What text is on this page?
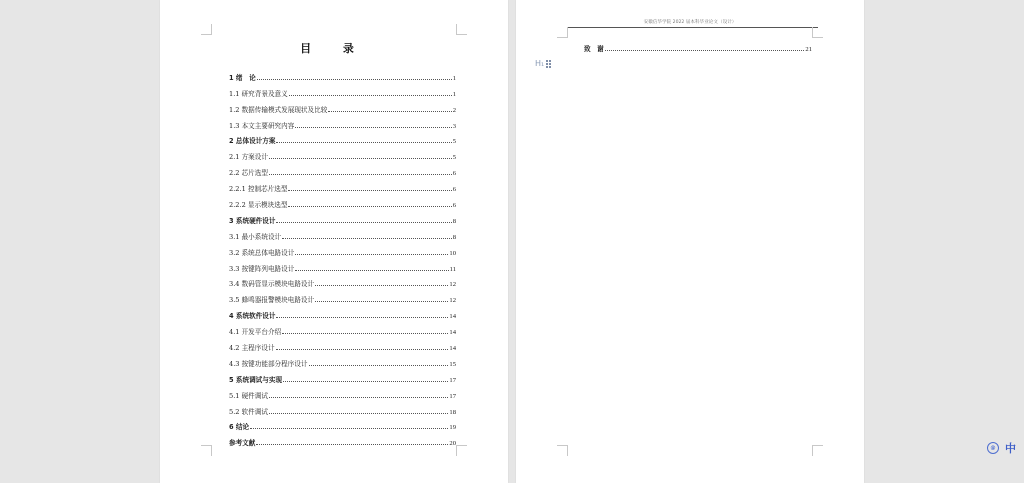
目 录
1 绪　论	1
1.1 研究背景及意义	1
1.2 数据传输模式发展现状及比较	2
1.3 本文主要研究内容	3
2 总体设计方案	5
2.1 方案设计	5
2.2 芯片选型	6
2.2.1 控制芯片选型	6
2.2.2 显示模块选型	6
3 系统硬件设计	8
3.1 最小系统设计	8
3.2 系统总体电路设计	10
3.3 按键阵列电路设计	11
3.4 数码管显示模块电路设计	12
3.5 蜂鸣器报警模块电路设计	12
4 系统软件设计	14
4.1 开发平台介绍	14
4.2 主程序设计	14
4.3 按键功能部分程序设计	15
5 系统调试与实现	17
5.1 硬件调试	17
5.2 软件调试	18
6 结论	19
参考文献	20
安徽信华学院 2022 届本科毕业论文（设计）
致　谢	21
H₁
@ 中
